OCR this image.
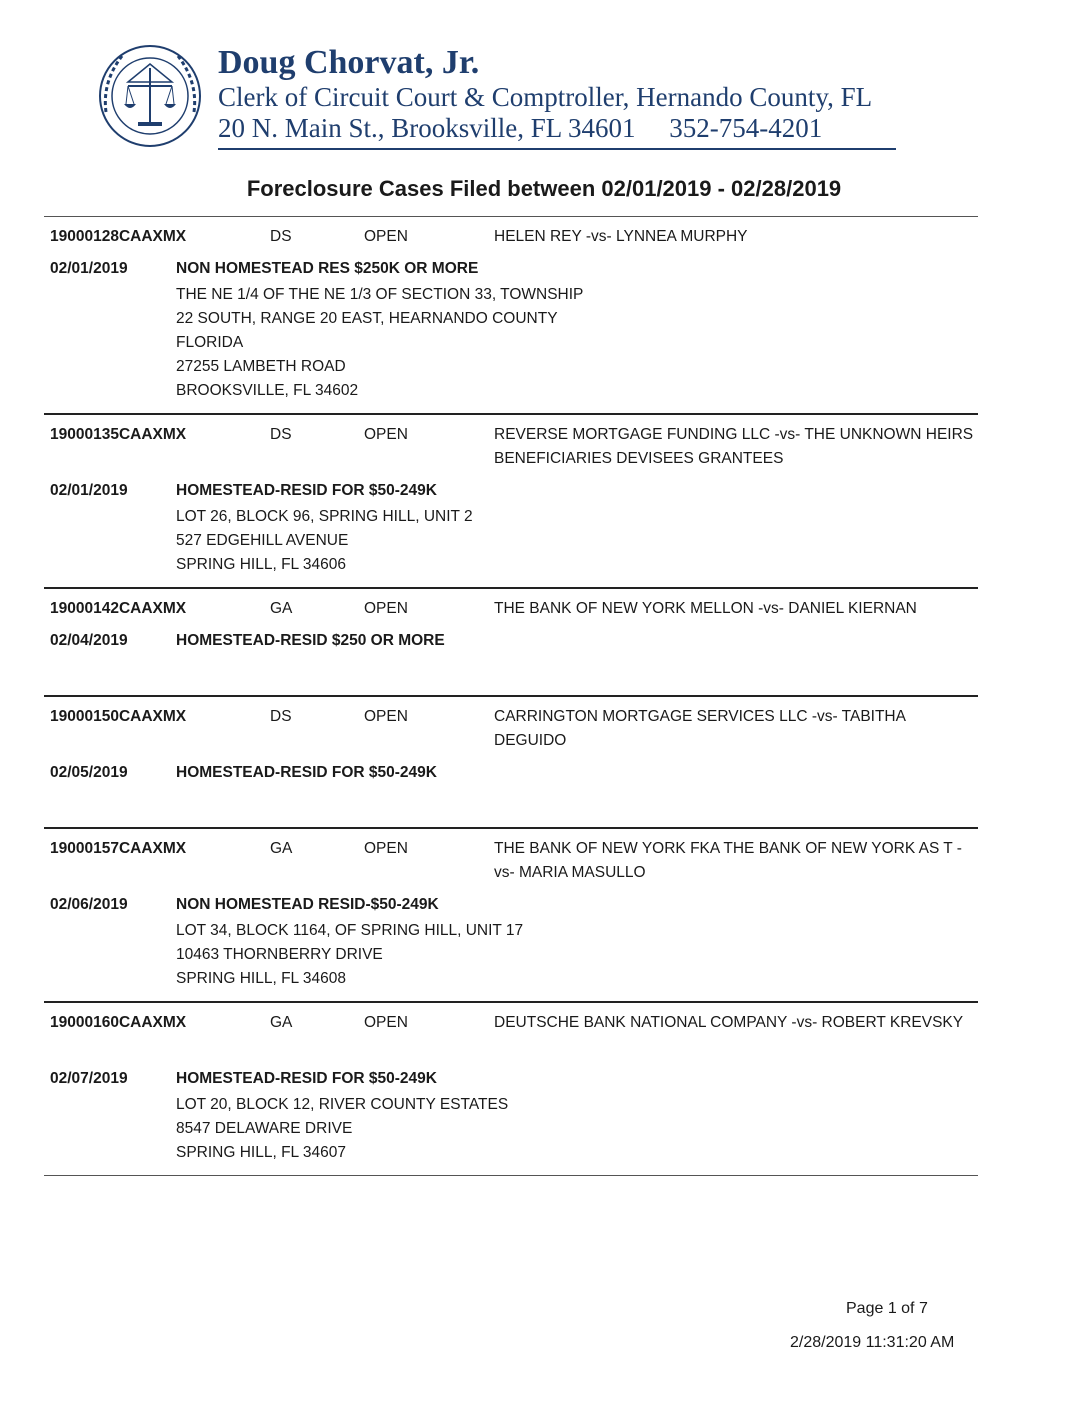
Doug Chorvat, Jr.
Clerk of Circuit Court & Comptroller, Hernando County, FL
20 N. Main St., Brooksville, FL 34601     352-754-4201
Foreclosure Cases Filed between 02/01/2019 - 02/28/2019
19000128CAAXMX	DS	OPEN	HELEN REY -vs- LYNNEA MURPHY
02/01/2019	NON HOMESTEAD RES $250K OR MORE
THE NE 1/4 OF THE NE 1/3 OF SECTION 33, TOWNSHIP
22 SOUTH, RANGE 20 EAST, HEARNANDO COUNTY
FLORIDA
27255 LAMBETH ROAD
BROOKSVILLE, FL 34602
19000135CAAXMX	DS	OPEN	REVERSE MORTGAGE FUNDING LLC -vs- THE UNKNOWN HEIRS BENEFICIARIES DEVISEES GRANTEES
02/01/2019	HOMESTEAD-RESID FOR $50-249K
LOT 26, BLOCK 96, SPRING HILL, UNIT 2
527 EDGEHILL AVENUE
SPRING HILL, FL 34606
19000142CAAXMX	GA	OPEN	THE BANK OF NEW YORK MELLON -vs- DANIEL KIERNAN
02/04/2019	HOMESTEAD-RESID $250 OR MORE
19000150CAAXMX	DS	OPEN	CARRINGTON MORTGAGE SERVICES LLC -vs- TABITHA DEGUIDO
02/05/2019	HOMESTEAD-RESID FOR $50-249K
19000157CAAXMX	GA	OPEN	THE BANK OF NEW YORK FKA THE BANK OF NEW YORK AS T -vs- MARIA MASULLO
02/06/2019	NON HOMESTEAD RESID-$50-249K
LOT 34, BLOCK 1164, OF SPRING HILL, UNIT 17
10463 THORNBERRY DRIVE
SPRING HILL, FL 34608
19000160CAAXMX	GA	OPEN	DEUTSCHE BANK NATIONAL COMPANY -vs- ROBERT KREVSKY
02/07/2019	HOMESTEAD-RESID FOR $50-249K
LOT 20, BLOCK 12, RIVER COUNTY ESTATES
8547 DELAWARE DRIVE
SPRING HILL, FL 34607
Page 1 of 7
2/28/2019 11:31:20 AM
